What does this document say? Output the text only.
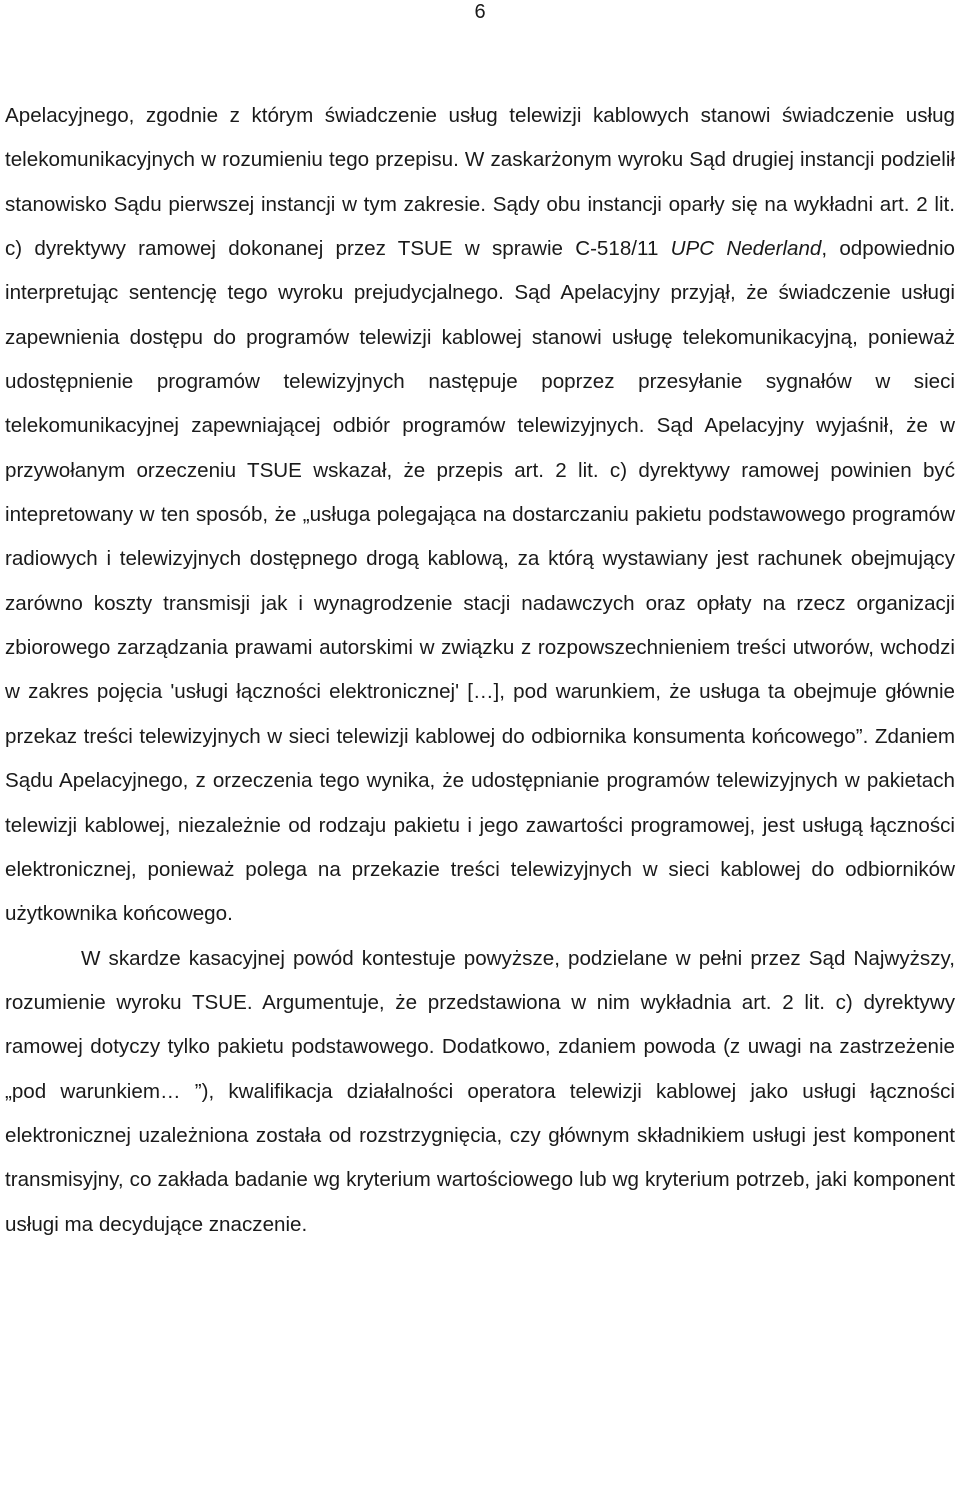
6

Apelacyjnego, zgodnie z którym świadczenie usług telewizji kablowych stanowi świadczenie usług telekomunikacyjnych w rozumieniu tego przepisu. W zaskarżonym wyroku Sąd drugiej instancji podzielił stanowisko Sądu pierwszej instancji w tym zakresie. Sądy obu instancji oparły się na wykładni art. 2 lit. c) dyrektywy ramowej dokonanej przez TSUE w sprawie C-518/11 UPC Nederland, odpowiednio interpretując sentencję tego wyroku prejudycjalnego. Sąd Apelacyjny przyjął, że świadczenie usługi zapewnienia dostępu do programów telewizji kablowej stanowi usługę telekomunikacyjną, ponieważ udostępnienie programów telewizyjnych następuje poprzez przesyłanie sygnałów w sieci telekomunikacyjnej zapewniającej odbiór programów telewizyjnych. Sąd Apelacyjny wyjaśnił, że w przywołanym orzeczeniu TSUE wskazał, że przepis art. 2 lit. c) dyrektywy ramowej powinien być intepretowany w ten sposób, że „usługa polegająca na dostarczaniu pakietu podstawowego programów radiowych i telewizyjnych dostępnego drogą kablową, za którą wystawiany jest rachunek obejmujący zarówno koszty transmisji jak i wynagrodzenie stacji nadawczych oraz opłaty na rzecz organizacji zbiorowego zarządzania prawami autorskimi w związku z rozpowszechnieniem treści utworów, wchodzi w zakres pojęcia 'usługi łączności elektronicznej' […], pod warunkiem, że usługa ta obejmuje głównie przekaz treści telewizyjnych w sieci telewizji kablowej do odbiornika konsumenta końcowego”. Zdaniem Sądu Apelacyjnego, z orzeczenia tego wynika, że udostępnianie programów telewizyjnych w pakietach telewizji kablowej, niezależnie od rodzaju pakietu i jego zawartości programowej, jest usługą łączności elektronicznej, ponieważ polega na przekazie treści telewizyjnych w sieci kablowej do odbiorników użytkownika końcowego.

W skardze kasacyjnej powód kontestuje powyższe, podzielane w pełni przez Sąd Najwyższy, rozumienie wyroku TSUE. Argumentuje, że przedstawiona w nim wykładnia art. 2 lit. c) dyrektywy ramowej dotyczy tylko pakietu podstawowego. Dodatkowo, zdaniem powoda (z uwagi na zastrzeżenie „pod warunkiem… ”), kwalifikacja działalności operatora telewizji kablowej jako usługi łączności elektronicznej uzależniona została od rozstrzygnięcia, czy głównym składnikiem usługi jest komponent transmisyjny, co zakłada badanie wg kryterium wartościowego lub wg kryterium potrzeb, jaki komponent usługi ma decydujące znaczenie.
